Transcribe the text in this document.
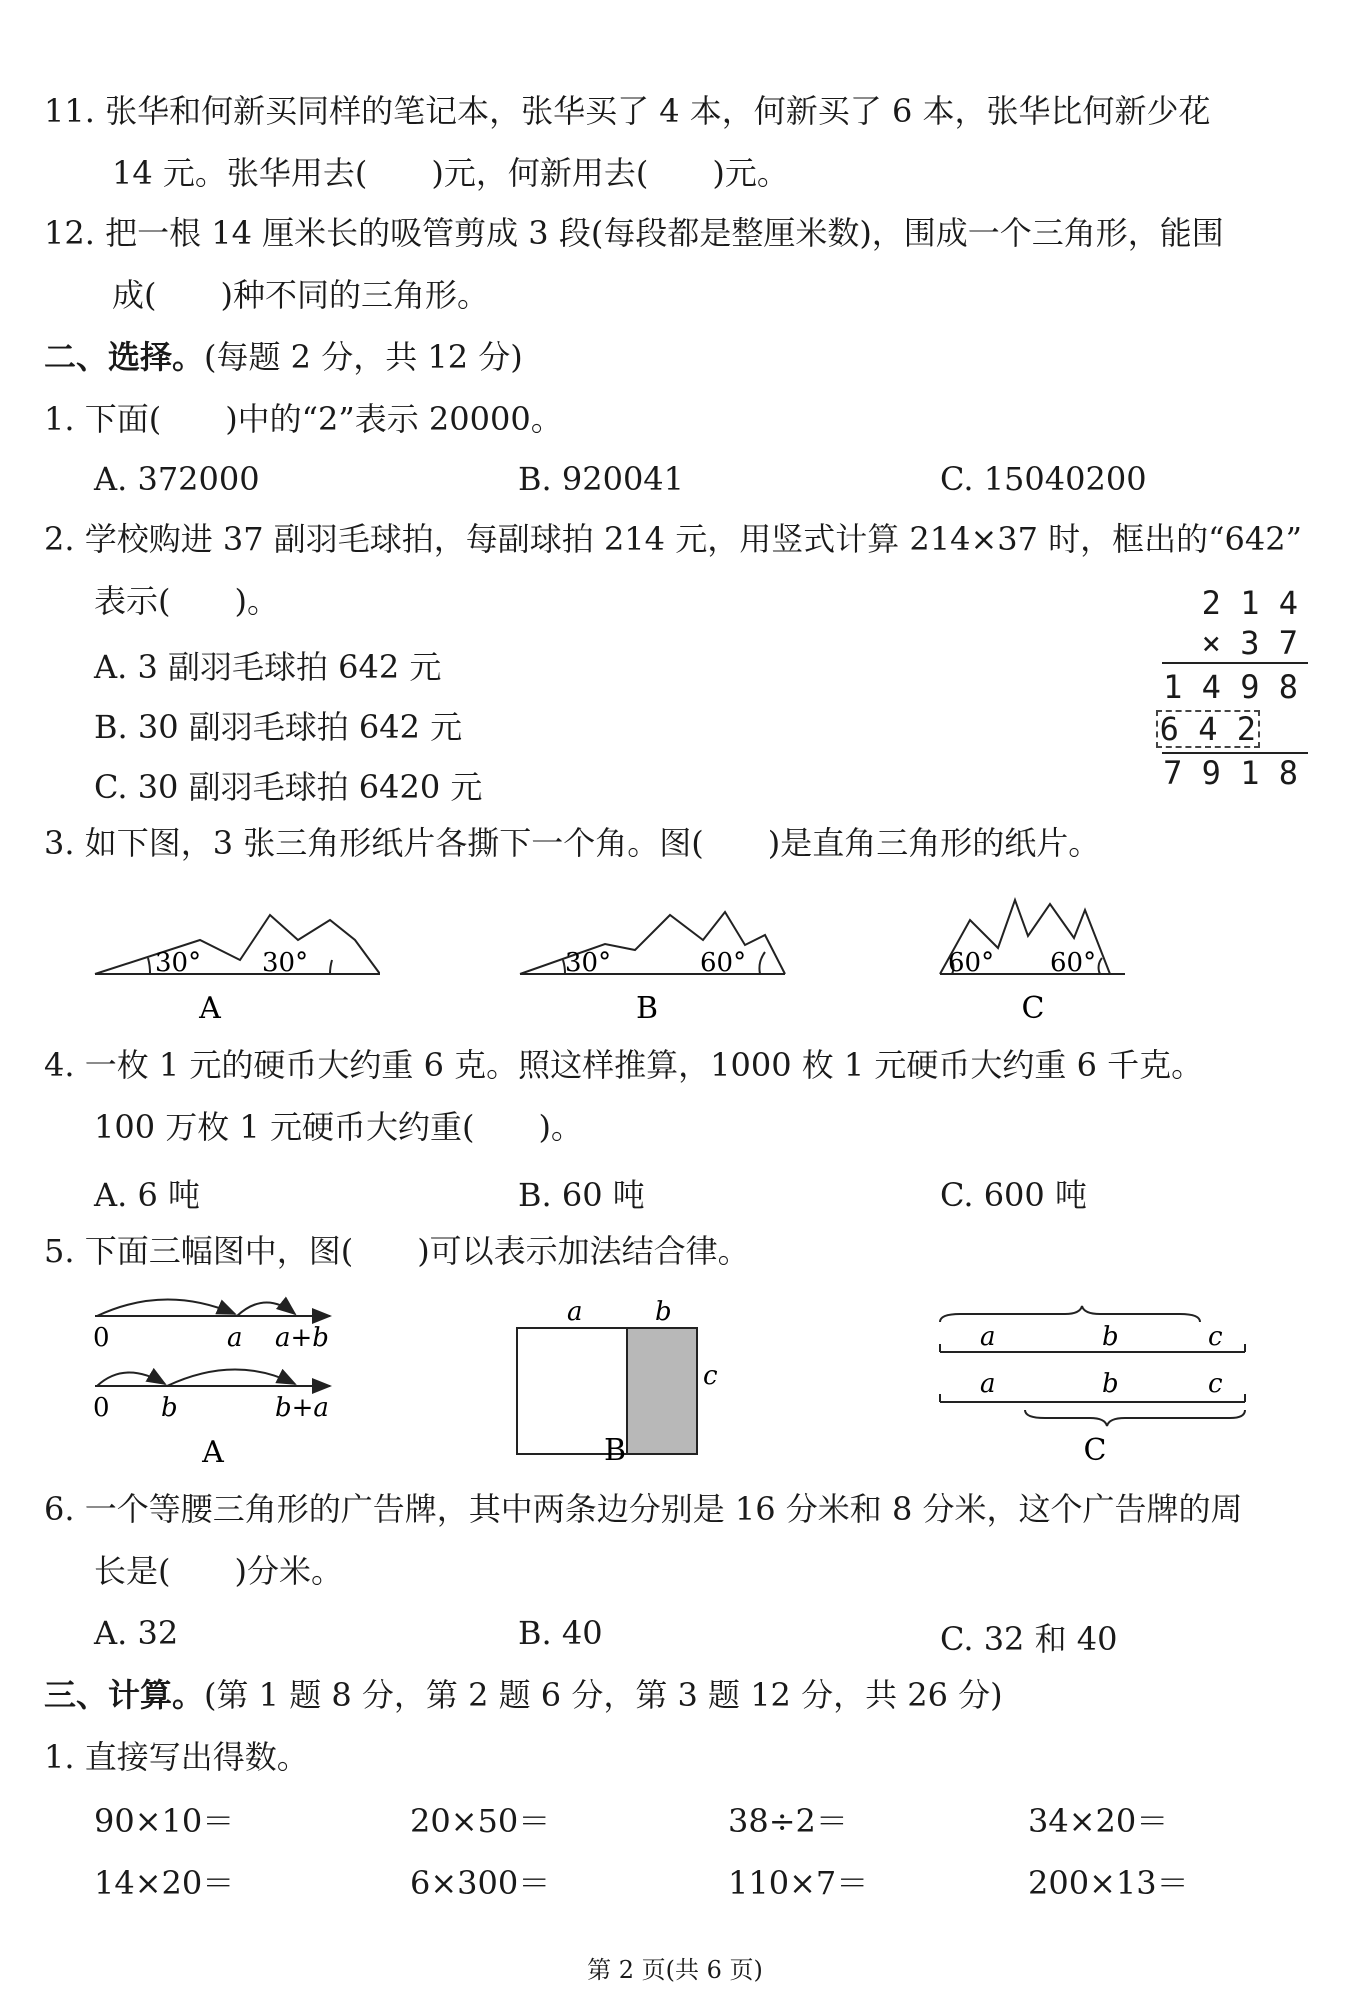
11. 张华和何新买同样的笔记本，张华买了 4 本，何新买了 6 本，张华比何新少花
14 元。张华用去(　　)元，何新用去(　　)元。
12. 把一根 14 厘米长的吸管剪成 3 段(每段都是整厘米数)，围成一个三角形，能围
成(　　)种不同的三角形。
二、选择。(每题 2 分，共 12 分)
1. 下面(　　)中的“2”表示 20000。
A. 372000	B. 920041	C. 15040200
2. 学校购进 37 副羽毛球拍，每副球拍 214 元，用竖式计算 214×37 时，框出的“642”
表示(　　)。
A. 3 副羽毛球拍 642 元
B. 30 副羽毛球拍 642 元
C. 30 副羽毛球拍 6420 元
2 1 4
× 3 7
1 4 9 8
6 4 2
7 9 1 8
3. 如下图，3 张三角形纸片各撕下一个角。图(　　)是直角三角形的纸片。
30° 30°
A
30°	60°
B
60° 60°
C
4. 一枚 1 元的硬币大约重 6 克。照这样推算，1000 枚 1 元硬币大约重 6 千克。
100 万枚 1 元硬币大约重(　　)。
A. 6 吨	B. 60 吨	C. 600 吨
5. 下面三幅图中，图(　　)可以表示加法结合律。
0	a a+b
0 b	b+a
A
a	b
c
B
a	b	c
a	b	c
C
6. 一个等腰三角形的广告牌，其中两条边分别是 16 分米和 8 分米，这个广告牌的周
长是(　　)分米。
A. 32	B. 40	C. 32 和 40
三、计算。(第 1 题 8 分，第 2 题 6 分，第 3 题 12 分，共 26 分)
1. 直接写出得数。
90×10＝	20×50＝	38÷2＝	34×20＝
14×20＝	6×300＝	110×7＝	200×13＝
第 2 页(共 6 页)
